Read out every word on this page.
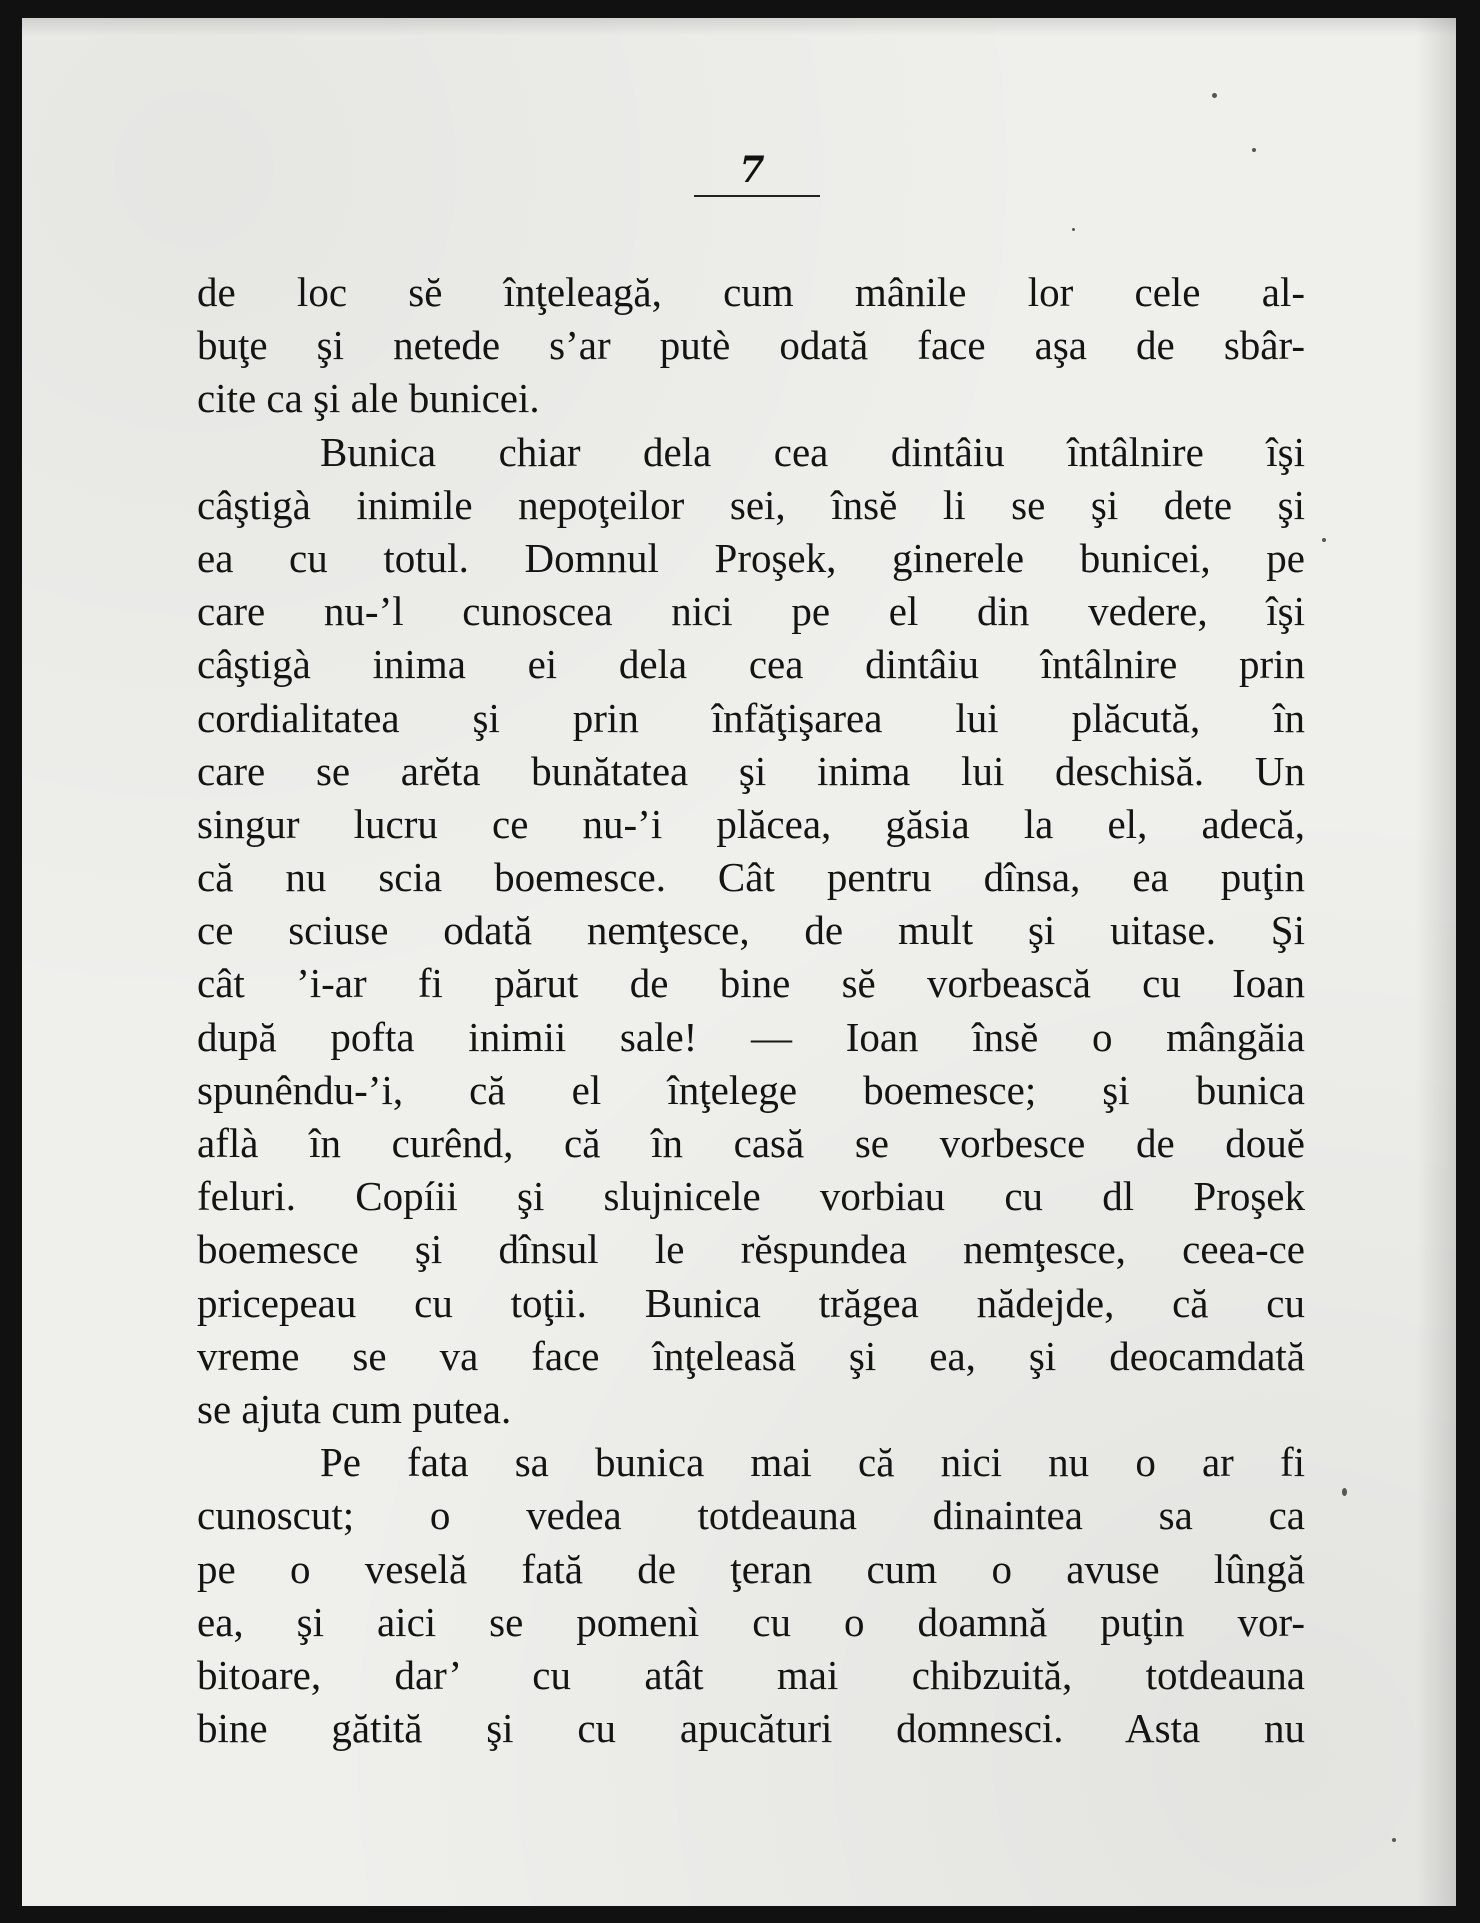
7
de loc sĕ înţeleagă, cum mânile lor cele al-
buţe şi netede s’ar putè odată face aşa de sbâr-
cite ca şi ale bunicei.
Bunica chiar dela cea dintâiu întâlnire îşi
câştigà inimile nepoţeilor sei, însĕ li se şi dete şi
ea cu totul. Domnul Proşek, ginerele bunicei, pe
care nu-’l cunoscea nici pe el din vedere, îşi
câştigà inima ei dela cea dintâiu întâlnire prin
cordialitatea şi prin înfăţişarea lui plăcută, în
care se arĕta bunătatea şi inima lui deschisă. Un
singur lucru ce nu-’i plăcea, găsia la el, adecă,
că nu scia boemesce. Cât pentru dînsa, ea puţin
ce sciuse odată nemţesce, de mult şi uitase. Şi
cât ’i-ar fi părut de bine sĕ vorbească cu Ioan
după pofta inimii sale! — Ioan însĕ o mângăia
spunêndu-’i, că el înţelege boemesce; şi bunica
aflà în curênd, că în casă se vorbesce de douĕ
feluri. Copíii şi slujnicele vorbiau cu dl Proşek
boemesce şi dînsul le rĕspundea nemţesce, ceea-ce
pricepeau cu toţii. Bunica trăgea nădejde, că cu
vreme se va face înţeleasă şi ea, şi deocamdată
se ajuta cum putea.
Pe fata sa bunica mai că nici nu o ar fi
cunoscut; o vedea totdeauna dinaintea sa ca
pe o veselă fată de ţeran cum o avuse lûngă
ea, şi aici se pomenì cu o doamnă puţin vor-
bitoare, dar’ cu atât mai chibzuită, totdeauna
bine gătită şi cu apucături domnesci. Asta nu
